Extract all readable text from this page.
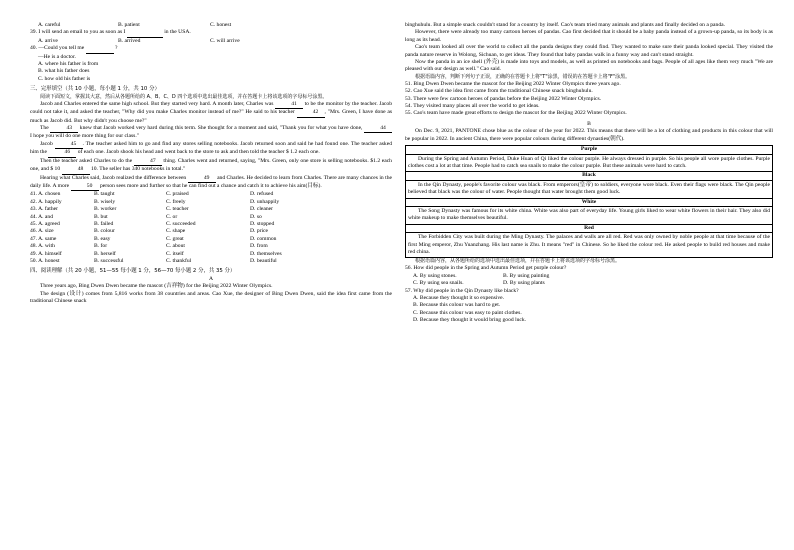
A. careful	B. patient	C. honest
39. I will send an email to you as soon as I	in the USA.
A. arrive	B. arrived	C. will arrive
40. —Could you tell me	?
—He is a doctor.
A. where his father is from
B. what his father does
C. how old his father is
三、完形填空（共 10 小题，每小题 1 分，共 10 分）
阅读下面短文，掌握其大意，然后从各题所给的 A、B、C、D 四个选项中选出最佳选项，并在答题卡上将该选项的字母标号涂黑。
Jacob and Charles entered the same high school. But they started very hard. A month later, Charles was	41 to be the monitor by the teacher. Jacob could not take it, and asked the teacher, "Why did you make Charles monitor instead of me?" He said to his teacher	42 , "Mrs. Green, I have done as much as Jacob did. But why didn't you choose me?"
The	43 knew that Jacob worked very hard during this term. She thought for a moment and said, "Thank you for what you have done,	44 I hope you will do one more thing for our class."
Jacob	45 . The teacher asked him to go and find any stores selling notebooks. Jacob returned soon and said he had found one. The teacher asked him the	46 of each one. Jacob shook his head and went back to the store to ask and then told the teacher $ 1.2 each one.
Then the teacher asked Charles to do the	47 thing. Charles went and returned, saying, "Mrs. Green, only one store is selling notebooks. $1.2 each one, and $ 10	48 10. The seller has 340 notebooks in total."
Hearing what Charles said, Jacob realized the difference between	49 and Charles. He decided to learn from Charles. There are many chances in the daily life. A more	50 person sees more and further so that he can find out a chance and catch it to achieve his aim(目标).
41. A. chosen	B. taught	C. praised	D. refused
42. A. happily	B. wisely	C. freely	D. unhappily
43. A. father	B. worker	C. teacher	D. cleaner
44. A. and	B. but	C. or	D. so
45. A. agreed	B. failed	C. succeeded	D. stopped
46. A. size	B. colour	C. shape	D. price
47. A. same	B. easy	C. great	D. common
48. A. with	B. for	C. about	D. from
49. A. himself	B. herself	C. itself	D. themselves
50. A. honest	B. successful	C. thankful	D. beautiful
四、阅读理解（共 20 小题，51—55 每小题 1 分，56—70 每小题 2 分，共 35 分）
A
Three years ago, Bing Dwen Dwen became the mascot (吉祥物) for the Beijing 2022 Winter Olympics.
The design (设计) comes from 5,816 works from 38 countries and areas. Cao Xue, the designer of Bing Dwen Dwen, said the idea first came from the traditional Chinese snack
binghuhulu. But a simple snack couldn't stand for a country by itself. Cao's team tried many animals and plants and finally decided on a panda.
However, there were already too many cartoon heroes of pandas. Cao first decided that it should be a baby panda instead of a grown-up panda, so its body is as long as its head.
Cao's team looked all over the world to collect all the panda designs they could find. They wanted to make sure their panda looked special. They visited the panda nature reserve in Wolong, Sichuan, to get ideas. They found that baby pandas walk in a funny way and can't stand straight.
Now the panda in an ice shell (外壳) is made into toys and models, as well as printed on notebooks and bags. People of all ages like them very much "We are pleased with our design as well." Cao said.
根据语篇内容，判断下列句子正误，正确的在答题卡上将"T"涂黑，错误的在答题卡上将"F"涂黑。
51. Bing Dwen Dwen became the mascot for the Beijing 2022 Winter Olympics three years ago.
52. Cao Xue said the idea first came from the traditional Chinese snack binghuhulu.
53. There were few cartoon heroes of pandas before the Beijing 2022 Winter Olympics.
54. They visited many places all over the world to get ideas.
55. Cao's team have made great efforts to design the mascot for the Beijing 2022 Winter Olympics.
B
On Dec. 9, 2021, PANTONE chose blue as the colour of the year for 2022. This means that there will be a lot of clothing and products in this colour that will be popular in 2022. In ancient China, there were popular colours during different dynasties(朝代).
Purple
During the Spring and Autumn Period, Duke Huan of Qi liked the colour purple. He always dressed in purple. So his people all wore purple clothes. Purple clothes cost a lot at that time. People had to catch sea snails to make the colour purple. But these animals were hard to catch.
Black
In the Qin Dynasty, people's favorite colour was black. From emperors(皇帝) to soldiers, everyone wore black. Even their flags were black. The Qin people believed that black was the colour of water. People thought that water brought them good luck.
White
The Song Dynasty was famous for its white china. White was also part of everyday life. Young girls liked to wear white flowers in their hair. They also did white makeup to make themselves beautiful.
Red
The Forbidden City was built during the Ming Dynasty. The palaces and walls are all red. Red was only owned by noble people at that time because of the first Ming emperor, Zhu Yuanzhang. His last name is Zhu. It means "red" in Chinese. So he liked the colour red. He asked people to build red houses and make red china.
根据语篇内容，从各题所给的选项中选出最佳选项，并在答题卡上将该选项的字母标号涂黑。
56. How did people in the Spring and Autumn Period get purple colour?
A. By using stones.	B. By using painting
C. By using sea snails.	D. By using plants
57. Why did people in the Qin Dynasty like black?
A. Because they thought it so expensive.
B. Because this colour was hard to get.
C. Because this colour was easy to paint clothes.
D. Because they thought it would bring good luck.
